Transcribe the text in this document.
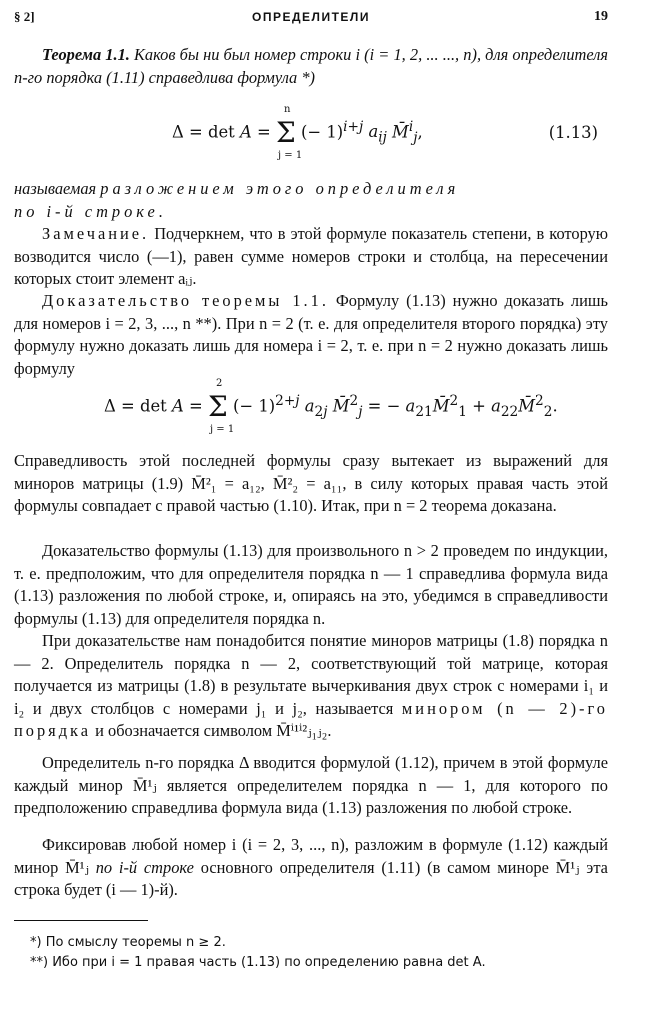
§ 2]	ОПРЕДЕЛИТЕЛИ	19

Теорема 1.1. Каков бы ни был номер строки i (i = 1, 2, ... ..., n), для определителя n-го порядка (1.11) справедлива формула *)

Δ = det A = Σ
n
j = 1
(− 1)$^{i+j}$ $a_{ij}$ M̄$^i_j$,	(1.13)

называемая разложением этого определителя
по i-й строке.

Замечание. Подчеркнем, что в этой формуле показатель степени, в которую возводится число (—1), равен сумме номеров строки и столбца, на пересечении которых стоит элемент aᵢⱼ.

Доказательство теоремы 1.1. Формулу (1.13) нужно доказать лишь для номеров i = 2, 3, ..., n **). При n = 2 (т. е. для определителя второго порядка) эту формулу нужно доказать лишь для номера i = 2, т. е. при n = 2 нужно доказать лишь формулу

Δ = det A = Σ
2
j = 1
(− 1)$^{2+j}$ $a_{2j}$ M̄$^2_j$ = − $a_{21}M̄^2_1$ + $a_{22}M̄^2_2$.

Справедливость этой последней формулы сразу вытекает из выражений для миноров матрицы (1.9) M̄²₁ = a₁₂, M̄²₂ = a₁₁, в силу которых правая часть этой формулы совпадает с правой частью (1.10). Итак, при n = 2 теорема доказана.

Доказательство формулы (1.13) для произвольного n > 2 проведем по индукции, т. е. предположим, что для определителя порядка n — 1 справедлива формула вида (1.13) разложения по любой строке, и, опираясь на это, убедимся в справедливости формулы (1.13) для определителя порядка n.

При доказательстве нам понадобится понятие миноров матрицы (1.8) порядка n — 2. Определитель порядка n — 2, соответствующий той матрице, которая получается из матрицы (1.8) в результате вычеркивания двух строк с номерами i₁ и i₂ и двух столбцов с номерами j₁ и j₂, называется минором (n — 2)-го порядка и обозначается символом M̄ⁱ¹ⁱ²ⱼ₁ⱼ₂.

Определитель n-го порядка Δ вводится формулой (1.12), причем в этой формуле каждый минор M̄¹ⱼ является определителем порядка n — 1, для которого по предположению справедлива формула вида (1.13) разложения по любой строке.

Фиксировав любой номер i (i = 2, 3, ..., n), разложим в формуле (1.12) каждый минор M̄¹ⱼ по i-й строке основного определителя (1.11) (в самом миноре M̄¹ⱼ эта строка будет (i — 1)-й).

*) По смыслу теоремы n ≥ 2.
**) Ибо при i = 1 правая часть (1.13) по определению равна det A.
